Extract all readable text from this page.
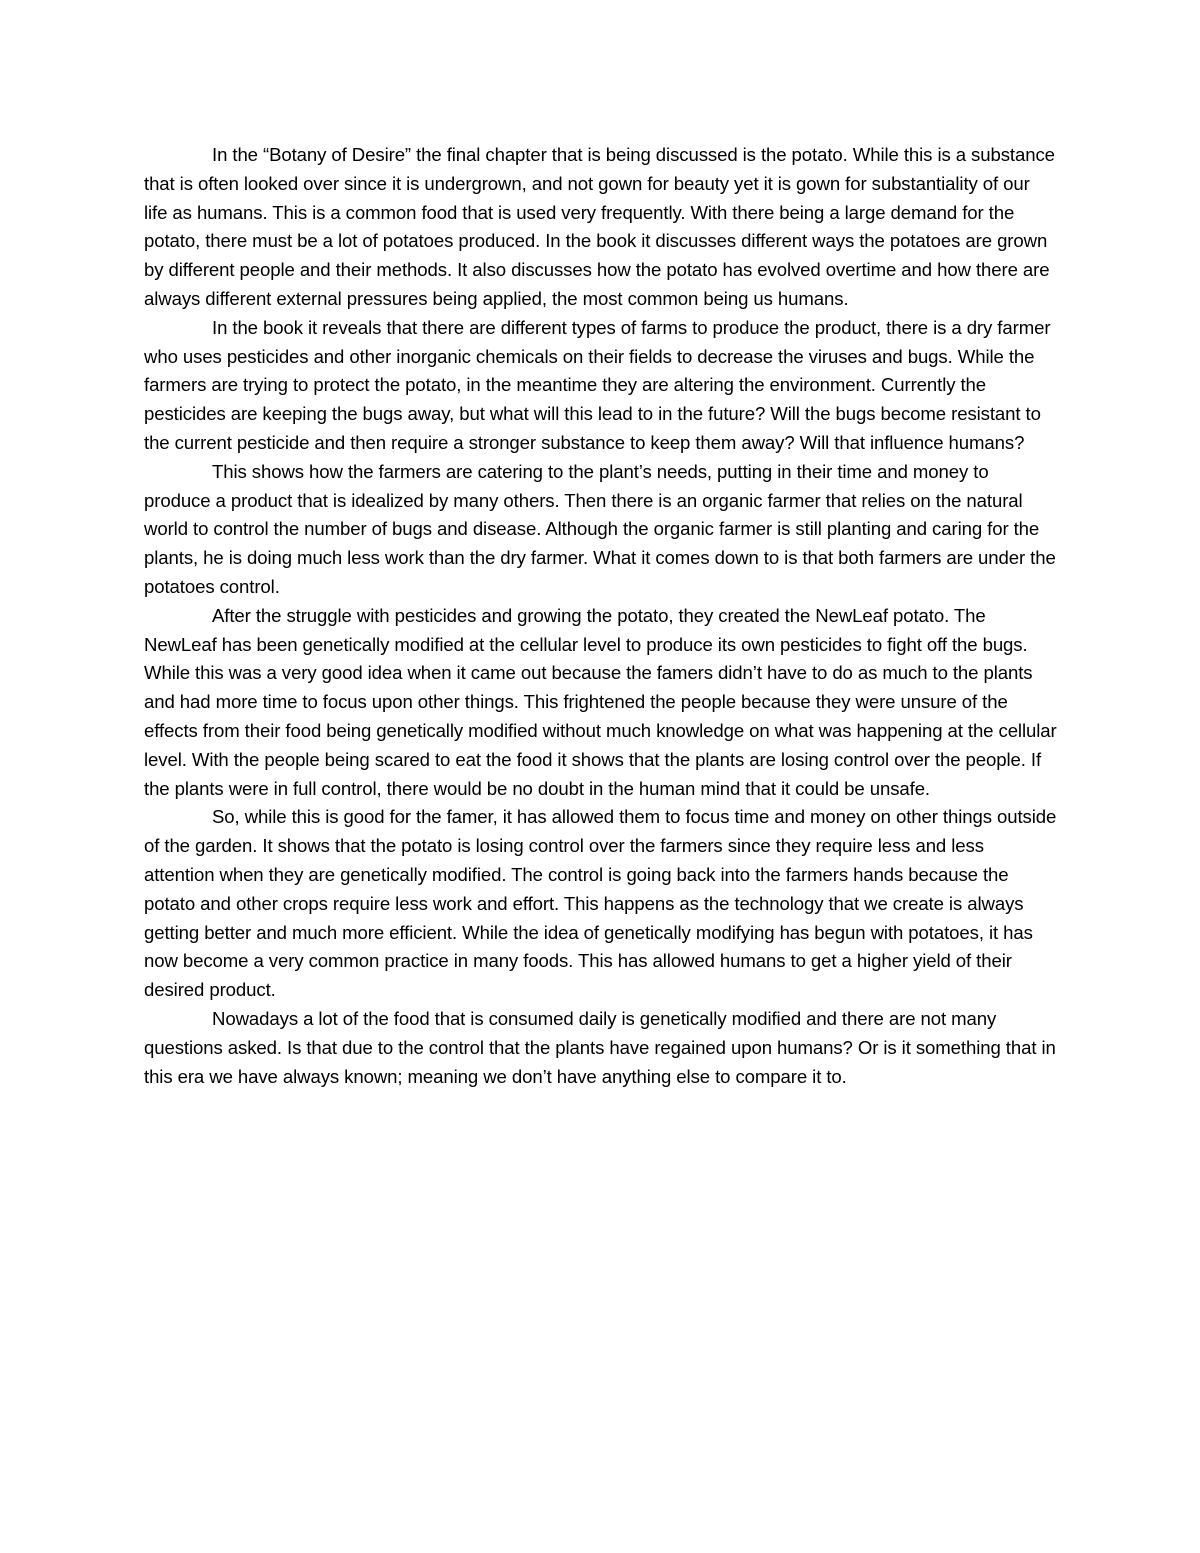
In the “Botany of Desire” the final chapter that is being discussed is the potato. While this is a substance that is often looked over since it is undergrown, and not gown for beauty yet it is gown for substantiality of our life as humans. This is a common food that is used very frequently. With there being a large demand for the potato, there must be a lot of potatoes produced. In the book it discusses different ways the potatoes are grown by different people and their methods. It also discusses how the potato has evolved overtime and how there are always different external pressures being applied, the most common being us humans.

In the book it reveals that there are different types of farms to produce the product, there is a dry farmer who uses pesticides and other inorganic chemicals on their fields to decrease the viruses and bugs. While the farmers are trying to protect the potato, in the meantime they are altering the environment. Currently the pesticides are keeping the bugs away, but what will this lead to in the future? Will the bugs become resistant to the current pesticide and then require a stronger substance to keep them away? Will that influence humans?

This shows how the farmers are catering to the plant’s needs, putting in their time and money to produce a product that is idealized by many others. Then there is an organic farmer that relies on the natural world to control the number of bugs and disease. Although the organic farmer is still planting and caring for the plants, he is doing much less work than the dry farmer. What it comes down to is that both farmers are under the potatoes control.

After the struggle with pesticides and growing the potato, they created the NewLeaf potato. The NewLeaf has been genetically modified at the cellular level to produce its own pesticides to fight off the bugs. While this was a very good idea when it came out because the famers didn’t have to do as much to the plants and had more time to focus upon other things. This frightened the people because they were unsure of the effects from their food being genetically modified without much knowledge on what was happening at the cellular level. With the people being scared to eat the food it shows that the plants are losing control over the people. If the plants were in full control, there would be no doubt in the human mind that it could be unsafe.

So, while this is good for the famer, it has allowed them to focus time and money on other things outside of the garden. It shows that the potato is losing control over the farmers since they require less and less attention when they are genetically modified. The control is going back into the farmers hands because the potato and other crops require less work and effort. This happens as the technology that we create is always getting better and much more efficient. While the idea of genetically modifying has begun with potatoes, it has now become a very common practice in many foods. This has allowed humans to get a higher yield of their desired product.

Nowadays a lot of the food that is consumed daily is genetically modified and there are not many questions asked. Is that due to the control that the plants have regained upon humans? Or is it something that in this era we have always known; meaning we don’t have anything else to compare it to.
